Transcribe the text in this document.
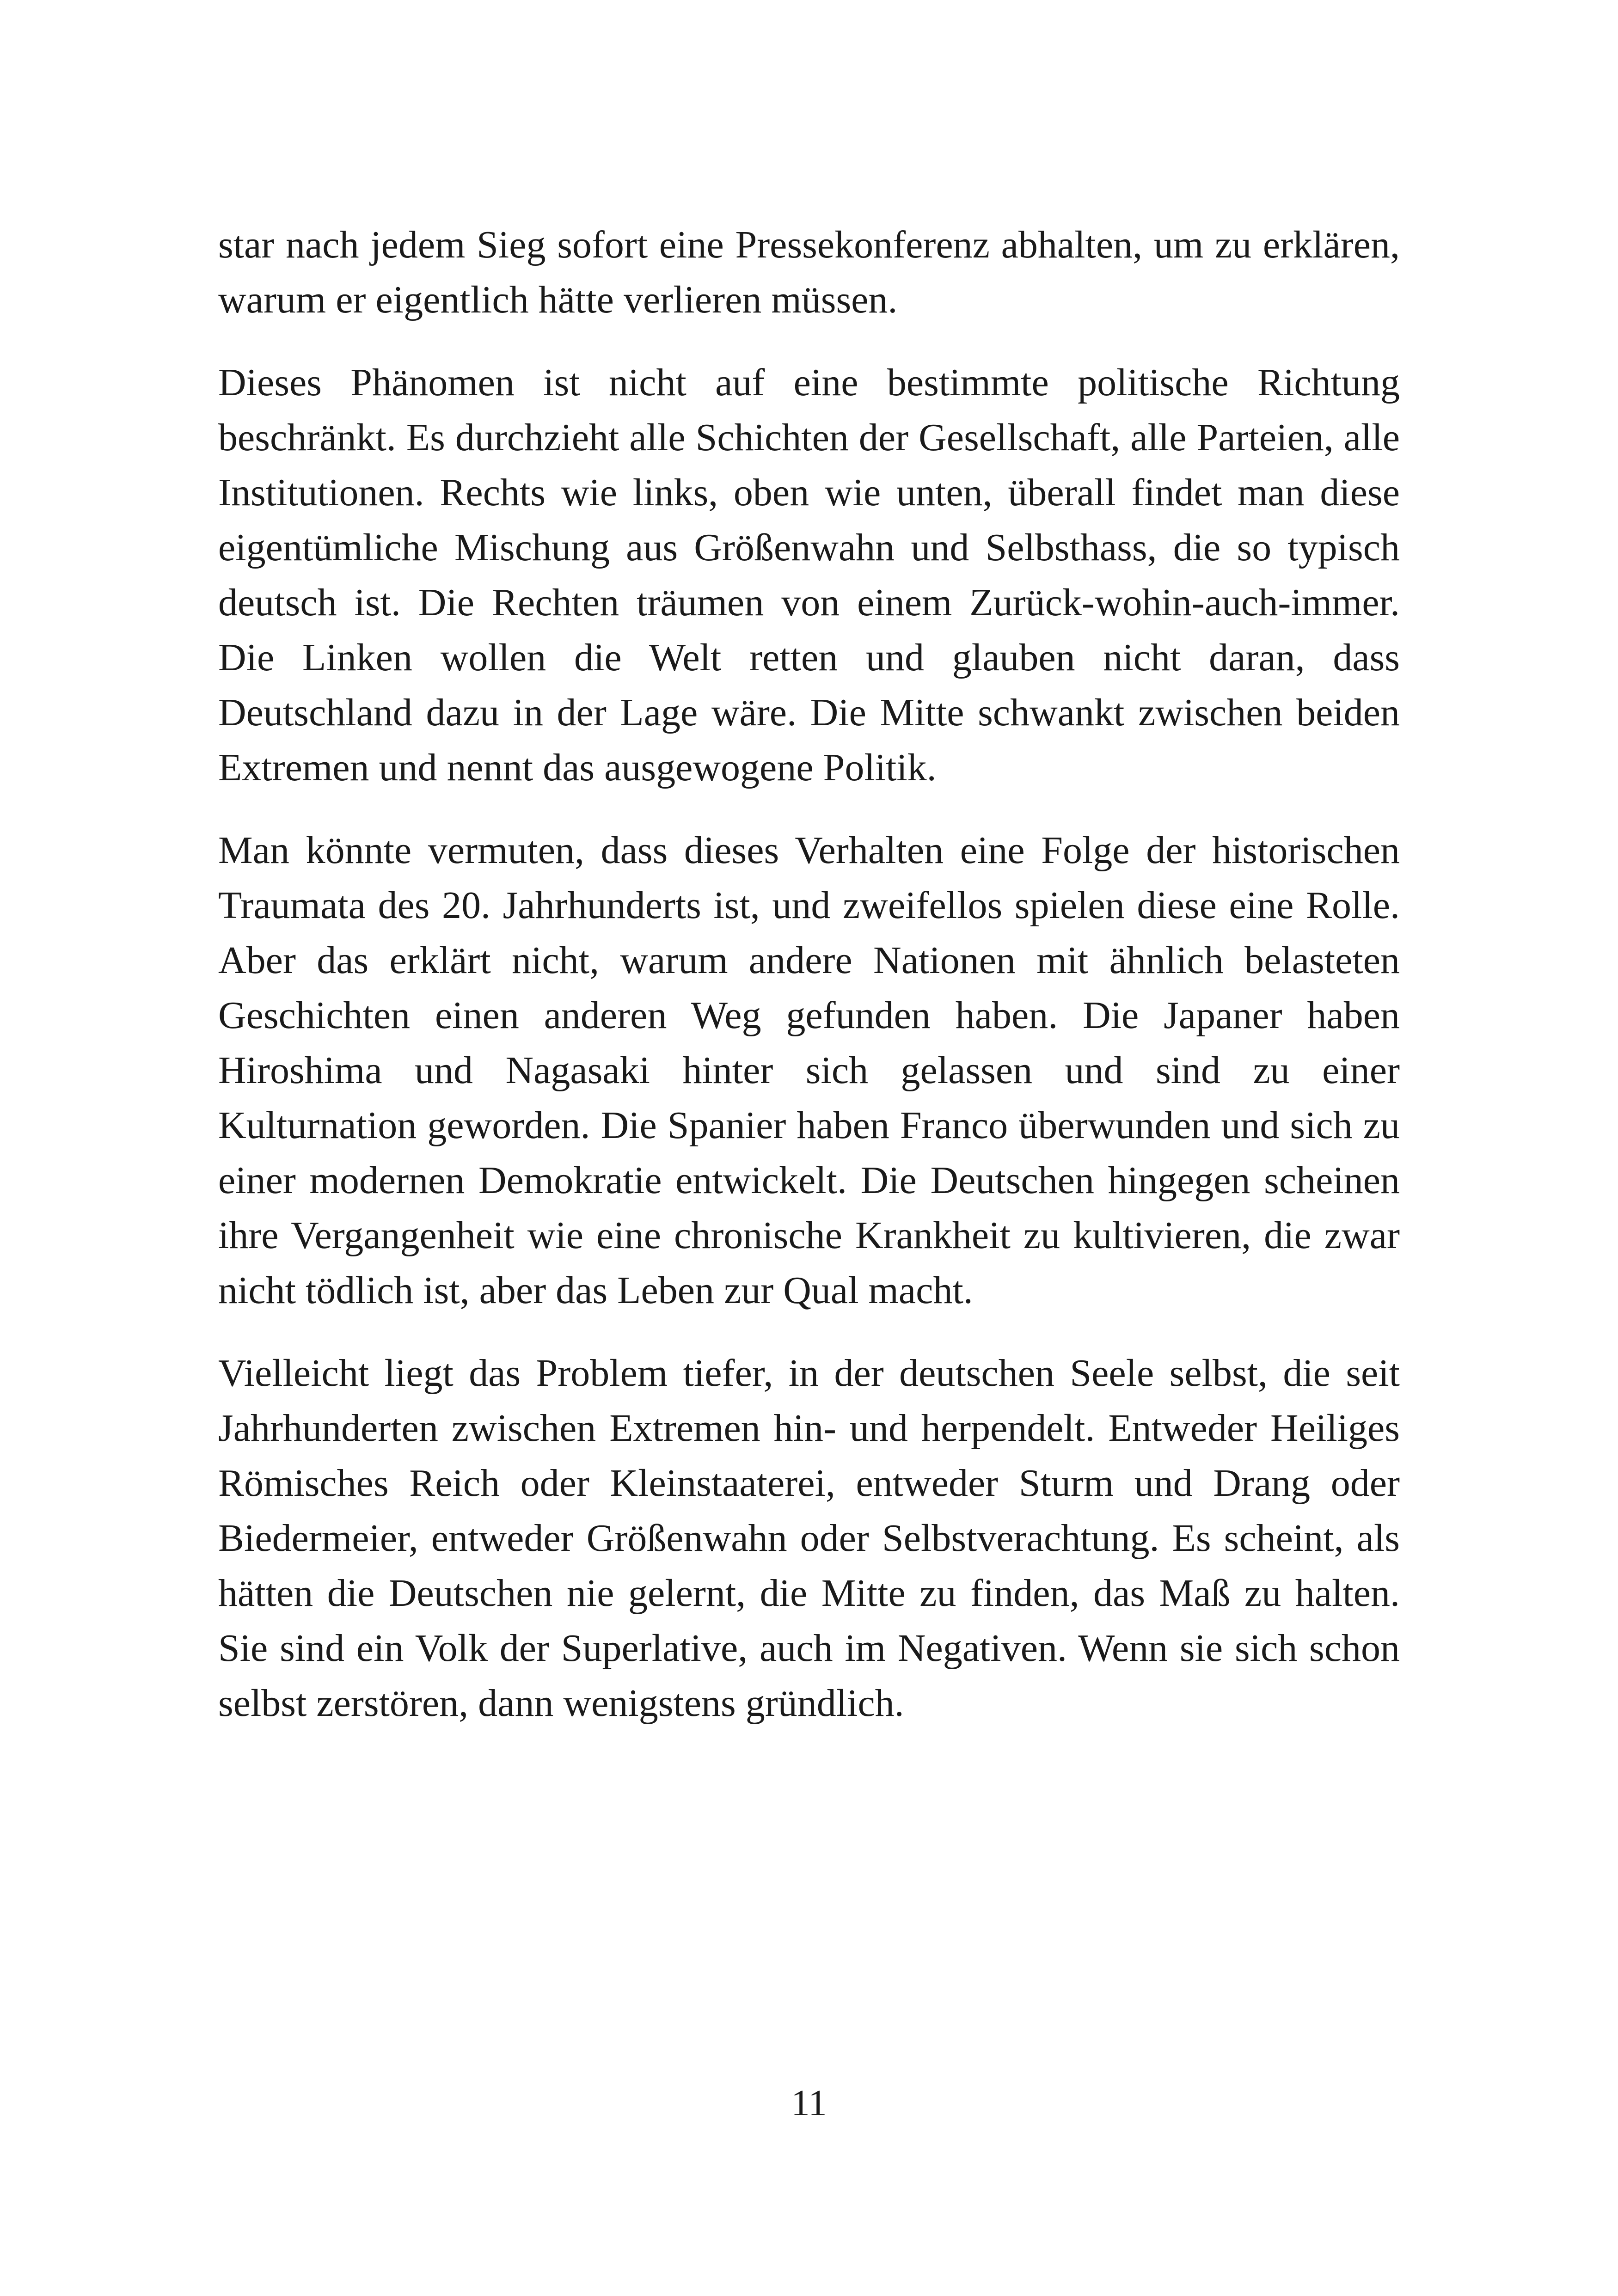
star nach jedem Sieg sofort eine Pressekonferenz abhalten, um zu erklären, warum er eigentlich hätte verlieren müssen.

Dieses Phänomen ist nicht auf eine bestimmte politische Richtung beschränkt. Es durchzieht alle Schichten der Gesellschaft, alle Parteien, alle Institutionen. Rechts wie links, oben wie unten, überall findet man diese eigentümliche Mischung aus Größenwahn und Selbsthass, die so typisch deutsch ist. Die Rechten träumen von einem Zurück-wohin-auch-immer. Die Linken wollen die Welt retten und glauben nicht daran, dass Deutschland dazu in der Lage wäre. Die Mitte schwankt zwischen beiden Extremen und nennt das ausgewogene Politik.

Man könnte vermuten, dass dieses Verhalten eine Folge der historischen Traumata des 20. Jahrhunderts ist, und zweifellos spielen diese eine Rolle. Aber das erklärt nicht, warum andere Nationen mit ähnlich belasteten Geschichten einen anderen Weg gefunden haben. Die Japaner haben Hiroshima und Nagasaki hinter sich gelassen und sind zu einer Kulturnation geworden. Die Spanier haben Franco überwunden und sich zu einer modernen Demokratie entwickelt. Die Deutschen hingegen scheinen ihre Vergangenheit wie eine chronische Krankheit zu kultivieren, die zwar nicht tödlich ist, aber das Leben zur Qual macht.

Vielleicht liegt das Problem tiefer, in der deutschen Seele selbst, die seit Jahrhunderten zwischen Extremen hin- und herpendelt. Entweder Heiliges Römisches Reich oder Kleinstaaterei, entweder Sturm und Drang oder Biedermeier, entweder Größenwahn oder Selbstverachtung. Es scheint, als hätten die Deutschen nie gelernt, die Mitte zu finden, das Maß zu halten. Sie sind ein Volk der Superlative, auch im Negativen. Wenn sie sich schon selbst zerstören, dann wenigstens gründlich.

11
